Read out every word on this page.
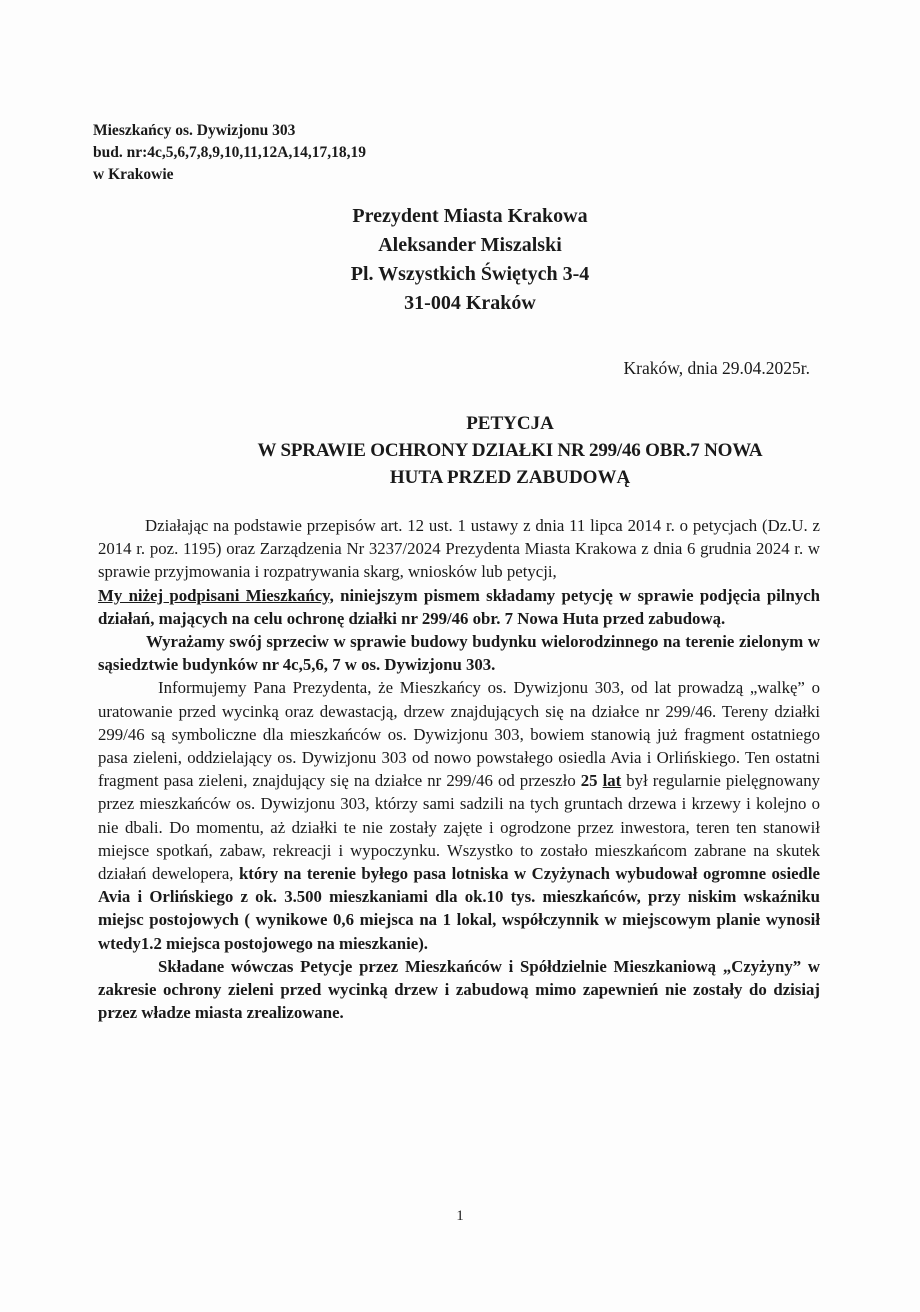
Mieszkańcy os. Dywizjonu 303
bud. nr:4c,5,6,7,8,9,10,11,12A,14,17,18,19
w Krakowie
Prezydent Miasta Krakowa
Aleksander Miszalski
Pl. Wszystkich Świętych 3-4
31-004 Kraków
Kraków, dnia 29.04.2025r.
PETYCJA
W SPRAWIE OCHRONY DZIAŁKI NR 299/46 OBR.7 NOWA
HUTA PRZED ZABUDOWĄ

Działając na podstawie przepisów art. 12 ust. 1 ustawy z dnia 11 lipca 2014 r. o petycjach (Dz.U. z 2014 r. poz. 1195) oraz Zarządzenia Nr 3237/2024 Prezydenta Miasta Krakowa z dnia 6 grudnia 2024 r. w sprawie przyjmowania i rozpatrywania skarg, wniosków lub petycji,
My niżej podpisani Mieszkańcy, niniejszym pismem składamy petycję w sprawie podjęcia pilnych działań, mających na celu ochronę działki nr 299/46 obr. 7 Nowa Huta przed zabudową.

Wyrażamy swój sprzeciw w sprawie budowy budynku wielorodzinnego na terenie zielonym w sąsiedztwie budynków nr 4c,5,6, 7 w os. Dywizjonu 303.

Informujemy Pana Prezydenta, że Mieszkańcy os. Dywizjonu 303, od lat prowadzą „walkę” o uratowanie przed wycinką oraz dewastacją, drzew znajdujących się na działce nr 299/46. Tereny działki 299/46 są symboliczne dla mieszkańców os. Dywizjonu 303, bowiem stanowią już fragment ostatniego pasa zieleni, oddzielający os. Dywizjonu 303 od nowo powstałego osiedla Avia i Orlińskiego. Ten ostatni fragment pasa zieleni, znajdujący się na działce nr 299/46 od przeszło 25 lat był regularnie pielęgnowany przez mieszkańców os. Dywizjonu 303, którzy sami sadzili na tych gruntach drzewa i krzewy i kolejno o nie dbali. Do momentu, aż działki te nie zostały zajęte i ogrodzone przez inwestora, teren ten stanowił miejsce spotkań, zabaw, rekreacji i wypoczynku. Wszystko to zostało mieszkańcom zabrane na skutek działań dewelopera, który na terenie byłego pasa lotniska w Czyżynach wybudował ogromne osiedle Avia i Orlińskiego z ok. 3.500 mieszkaniami dla ok.10 tys. mieszkańców, przy niskim wskaźniku miejsc postojowych ( wynikowe 0,6 miejsca na 1 lokal, współczynnik w miejscowym planie wynosił wtedy1.2 miejsca postojowego na mieszkanie).

Składane wówczas Petycje przez Mieszkańców i Spółdzielnie Mieszkaniową „Czyżyny” w zakresie ochrony zieleni przed wycinką drzew i zabudową mimo zapewnień nie zostały do dzisiaj przez władze miasta zrealizowane.

1
